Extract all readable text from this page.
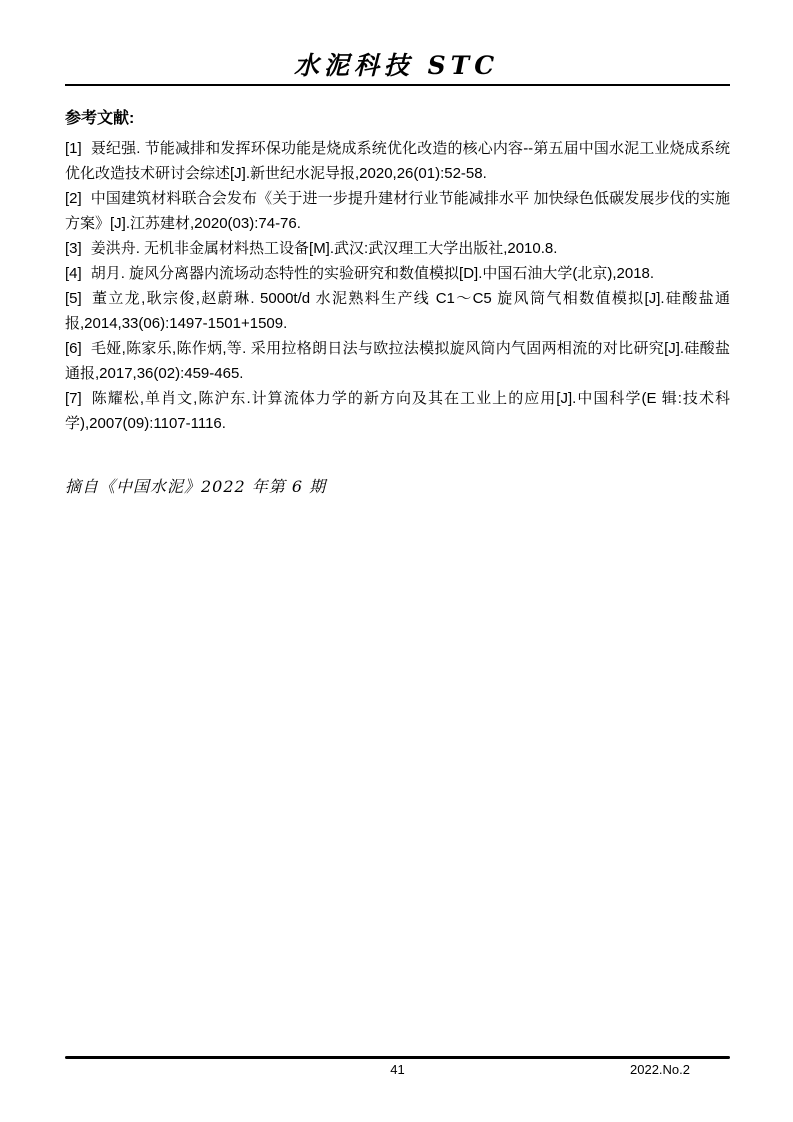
水泥科技 STC
参考文献:

[1] 聂纪强. 节能减排和发挥环保功能是烧成系统优化改造的核心内容--第五届中国水泥工业烧成系统优化改造技术研讨会综述[J].新世纪水泥导报,2020,26(01):52-58.

[2] 中国建筑材料联合会发布《关于进一步提升建材行业节能减排水平 加快绿色低碳发展步伐的实施方案》[J].江苏建材,2020(03):74-76.

[3] 姜洪舟. 无机非金属材料热工设备[M].武汉:武汉理工大学出版社,2010.8.

[4] 胡月. 旋风分离器内流场动态特性的实验研究和数值模拟[D].中国石油大学(北京),2018.

[5] 董立龙,耿宗俊,赵蔚琳. 5000t/d 水泥熟料生产线 C1～C5 旋风筒气相数值模拟[J].硅酸盐通报,2014,33(06):1497-1501+1509.

[6] 毛娅,陈家乐,陈作炳,等. 采用拉格朗日法与欧拉法模拟旋风筒内气固两相流的对比研究[J].硅酸盐通报,2017,36(02):459-465.

[7] 陈耀松,单肖文,陈沪东.计算流体力学的新方向及其在工业上的应用[J].中国科学(E 辑:技术科学),2007(09):1107-1116.

摘自《中国水泥》2022 年第 6 期
41	2022.No.2
